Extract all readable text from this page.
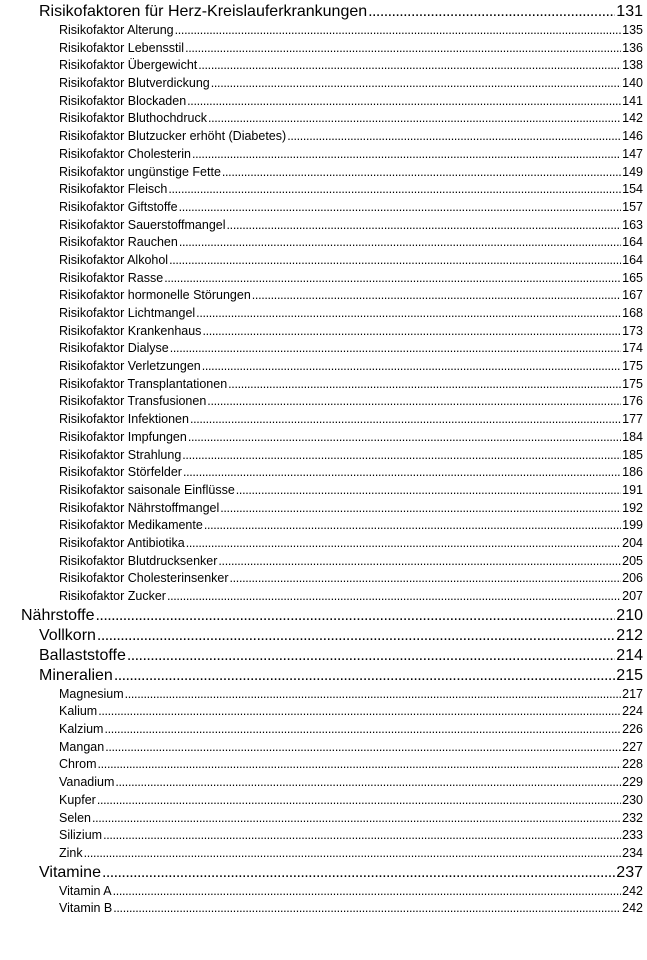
Risikofaktoren für Herz-Kreislauferkrankungen . . .	131
Risikofaktor Alterung . . .	135
Risikofaktor Lebensstil . . .	136
Risikofaktor Übergewicht . . .	138
Risikofaktor Blutverdickung . . .	140
Risikofaktor Blockaden . . .	141
Risikofaktor Bluthochdruck . . .	142
Risikofaktor Blutzucker erhöht (Diabetes) . . .	146
Risikofaktor Cholesterin . . .	147
Risikofaktor ungünstige Fette . . .	149
Risikofaktor Fleisch . . .	154
Risikofaktor Giftstoffe . . .	157
Risikofaktor Sauerstoffmangel . . .	163
Risikofaktor Rauchen . . .	164
Risikofaktor Alkohol . . .	164
Risikofaktor Rasse . . .	165
Risikofaktor hormonelle Störungen . . .	167
Risikofaktor Lichtmangel . . .	168
Risikofaktor Krankenhaus . . .	173
Risikofaktor Dialyse . . .	174
Risikofaktor Verletzungen . . .	175
Risikofaktor Transplantationen . . .	175
Risikofaktor Transfusionen . . .	176
Risikofaktor Infektionen . . .	177
Risikofaktor Impfungen . . .	184
Risikofaktor Strahlung . . .	185
Risikofaktor Störfelder . . .	186
Risikofaktor saisonale Einflüsse . . .	191
Risikofaktor Nährstoffmangel . . .	192
Risikofaktor Medikamente . . .	199
Risikofaktor Antibiotika . . .	204
Risikofaktor Blutdrucksenker . . .	205
Risikofaktor Cholesterinsenker . . .	206
Risikofaktor Zucker . . .	207
Nährstoffe . . .	210
Vollkorn . . .	212
Ballaststoffe . . .	214
Mineralien . . .	215
Magnesium . . .	217
Kalium . . .	224
Kalzium . . .	226
Mangan . . .	227
Chrom . . .	228
Vanadium . . .	229
Kupfer . . .	230
Selen . . .	232
Silizium . . .	233
Zink . . .	234
Vitamine . . .	237
Vitamin A . . .	242
Vitamin B . . .	242
